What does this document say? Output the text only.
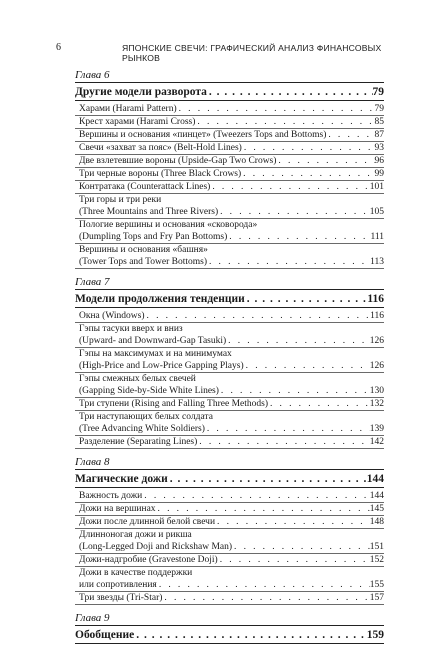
6	ЯПОНСКИЕ СВЕЧИ: ГРАФИЧЕСКИЙ АНАЛИЗ ФИНАНСОВЫХ РЫНКОВ
Глава 6
Другие модели разворота . . .	79
Харами (Harami Pattern) . . .	79
Крест харами (Harami Cross) . . .	85
Вершины и основания «пинцет» (Tweezers Tops and Bottoms) . . .	87
Свечи «захват за пояс» (Belt-Hold Lines) . . .	93
Две взлетевшие вороны (Upside-Gap Two Crows) . . .	96
Три черные вороны (Three Black Crows) . . .	99
Контратака (Counterattack Lines) . . .	101
Три горы и три реки
(Three Mountains and Three Rivers) . . .	105
Пологие вершины и основания «сковорода»
(Dumpling Tops and Fry Pan Bottoms) . . .	111
Вершины и основания «башня»
(Tower Tops and Tower Bottoms) . . .	113
Глава 7
Модели продолжения тенденции . . .	116
Окна (Windows) . . .	116
Гэпы тасуки вверх и вниз
(Upward- and Downward-Gap Tasuki) . . .	126
Гэпы на максимумах и на минимумах
(High-Price and Low-Price Gapping Plays) . . .	126
Гэпы смежных белых свечей
(Gapping Side-by-Side White Lines) . . .	130
Три ступени (Rising and Falling Three Methods) . . .	132
Три наступающих белых солдата
(Tree Advancing White Soldiers) . . .	139
Разделение (Separating Lines) . . .	142
Глава 8
Магические дожи . . .	144
Важность дожи . . .	144
Дожи на вершинах . . .	145
Дожи после длинной белой свечи . . .	148
Длинноногая дожи и рикша
(Long-Legged Doji and Rickshaw Man) . . .	151
Дожи-надгробие (Gravestone Doji) . . .	152
Дожи в качестве поддержки
или сопротивления . . .	155
Три звезды (Tri-Star) . . .	157
Глава 9
Обобщение . . .	159
